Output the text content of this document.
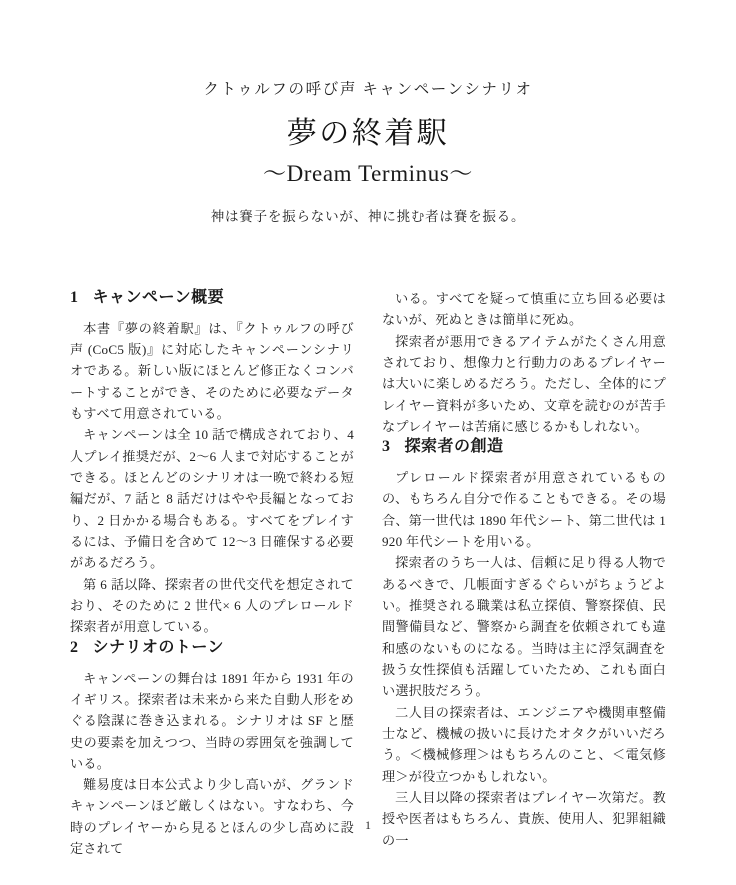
クトゥルフの呼び声 キャンペーンシナリオ
夢の終着駅
〜Dream Terminus〜
神は賽子を振らないが、神に挑む者は賽を振る。
1 キャンペーン概要

本書『夢の終着駅』は、『クトゥルフの呼び声 (CoC5 版)』に対応したキャンペーンシナリオである。新しい版にほとんど修正なくコンバートすることができ、そのために必要なデータもすべて用意されている。

キャンペーンは全 10 話で構成されており、4 人プレイ推奨だが、2〜6 人まで対応することができる。ほとんどのシナリオは一晩で終わる短編だが、7 話と 8 話だけはやや長編となっており、2 日かかる場合もある。すべてをプレイするには、予備日を含めて 12〜3 日確保する必要があるだろう。

第 6 話以降、探索者の世代交代を想定されており、そのために 2 世代× 6 人のプレロールド探索者が用意している。

2 シナリオのトーン

キャンペーンの舞台は 1891 年から 1931 年のイギリス。探索者は未来から来た自動人形をめぐる陰謀に巻き込まれる。シナリオは SF と歴史の要素を加えつつ、当時の雰囲気を強調している。

難易度は日本公式より少し高いが、グランドキャンペーンほど厳しくはない。すなわち、今時のプレイヤーから見るとほんの少し高めに設定されて

いる。すべてを疑って慎重に立ち回る必要はないが、死ぬときは簡単に死ぬ。

探索者が悪用できるアイテムがたくさん用意されており、想像力と行動力のあるプレイヤーは大いに楽しめるだろう。ただし、全体的にプレイヤー資料が多いため、文章を読むのが苦手なプレイヤーは苦痛に感じるかもしれない。

3 探索者の創造

プレロールド探索者が用意されているものの、もちろん自分で作ることもできる。その場合、第一世代は 1890 年代シート、第二世代は 1920 年代シートを用いる。

探索者のうち一人は、信頼に足り得る人物であるべきで、几帳面すぎるぐらいがちょうどよい。推奨される職業は私立探偵、警察探偵、民間警備員など、警察から調査を依頼されても違和感のないものになる。当時は主に浮気調査を扱う女性探偵も活躍していたため、これも面白い選択肢だろう。

二人目の探索者は、エンジニアや機関車整備士など、機械の扱いに長けたオタクがいいだろう。＜機械修理＞はもちろんのこと、＜電気修理＞が役立つかもしれない。

三人目以降の探索者はプレイヤー次第だ。教授や医者はもちろん、貴族、使用人、犯罪組織の一

1
